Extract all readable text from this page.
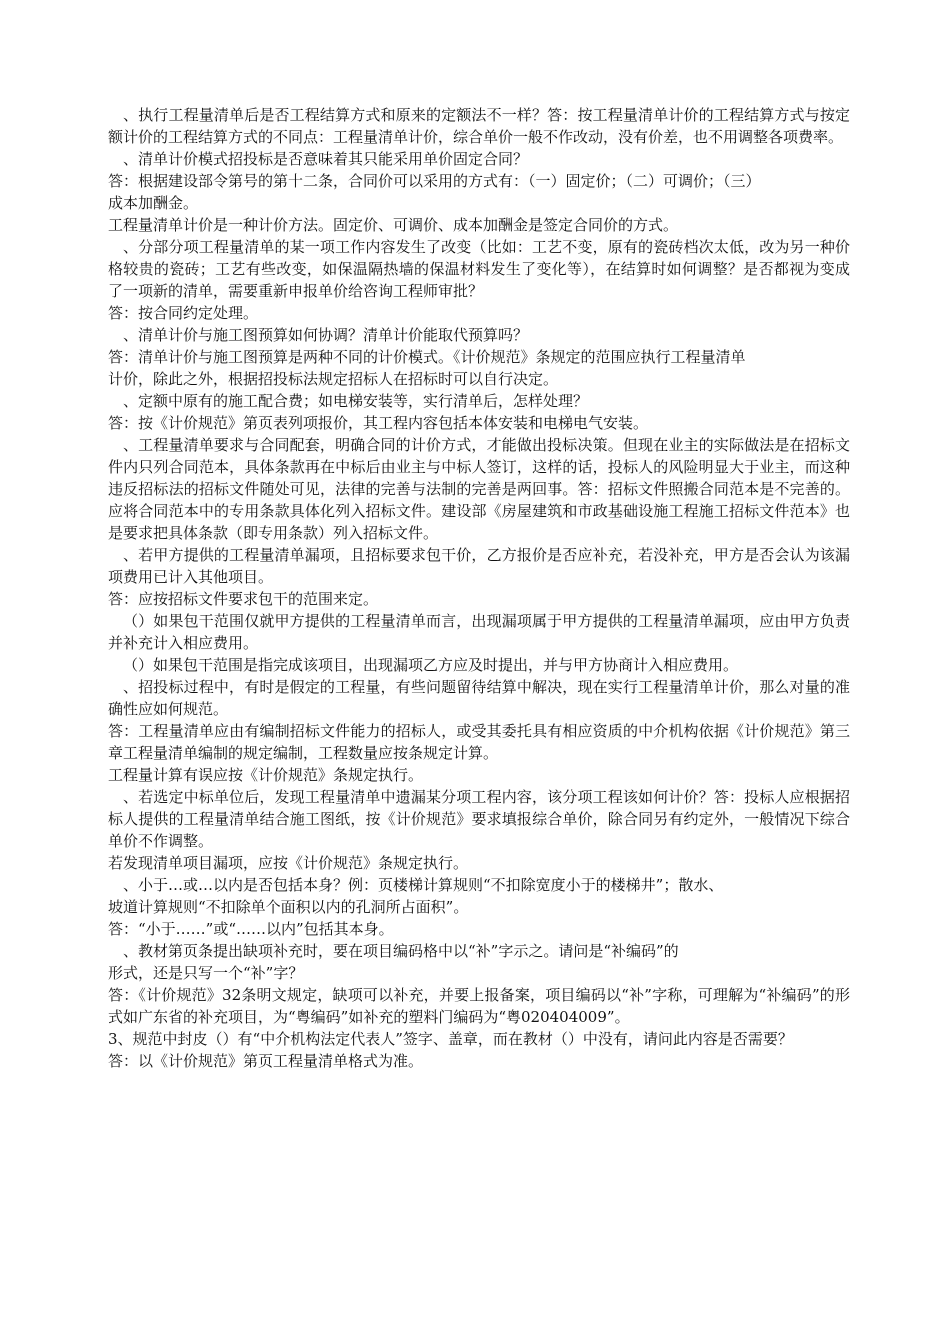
、执行工程量清单后是否工程结算方式和原来的定额法不一样？答：按工程量清单计价的工程结算方式与按定额计价的工程结算方式的不同点：工程量清单计价，综合单价一般不作改动，没有价差，也不用调整各项费率。

、清单计价模式招投标是否意味着其只能采用单价固定合同？

答：根据建设部令第号的第十二条，合同价可以采用的方式有：（一）固定价；（二）可调价；（三）

成本加酬金。

工程量清单计价是一种计价方法。固定价、可调价、成本加酬金是签定合同价的方式。

、分部分项工程量清单的某一项工作内容发生了改变（比如：工艺不变，原有的瓷砖档次太低，改为另一种价格较贵的瓷砖；工艺有些改变，如保温隔热墙的保温材料发生了变化等），在结算时如何调整？是否都视为变成了一项新的清单，需要重新申报单价给咨询工程师审批？

答：按合同约定处理。

、清单计价与施工图预算如何协调？清单计价能取代预算吗？

答：清单计价与施工图预算是两种不同的计价模式。《计价规范》条规定的范围应执行工程量清单

计价，除此之外，根据招投标法规定招标人在招标时可以自行决定。

、定额中原有的施工配合费；如电梯安装等，实行清单后，怎样处理？

答：按《计价规范》第页表列项报价，其工程内容包括本体安装和电梯电气安装。

、工程量清单要求与合同配套，明确合同的计价方式，才能做出投标决策。但现在业主的实际做法是在招标文件内只列合同范本，具体条款再在中标后由业主与中标人签订，这样的话，投标人的风险明显大于业主，而这种违反招标法的招标文件随处可见，法律的完善与法制的完善是两回事。答：招标文件照搬合同范本是不完善的。应将合同范本中的专用条款具体化列入招标文件。建设部《房屋建筑和市政基础设施工程施工招标文件范本》也是要求把具体条款（即专用条款）列入招标文件。

、若甲方提供的工程量清单漏项，且招标要求包干价，乙方报价是否应补充，若没补充，甲方是否会认为该漏项费用已计入其他项目。

答：应按招标文件要求包干的范围来定。

（）如果包干范围仅就甲方提供的工程量清单而言，出现漏项属于甲方提供的工程量清单漏项，应由甲方负责并补充计入相应费用。

（）如果包干范围是指完成该项目，出现漏项乙方应及时提出，并与甲方协商计入相应费用。

、招投标过程中，有时是假定的工程量，有些问题留待结算中解决，现在实行工程量清单计价，那么对量的准确性应如何规范。

答：工程量清单应由有编制招标文件能力的招标人，或受其委托具有相应资质的中介机构依据《计价规范》第三章工程量清单编制的规定编制，工程数量应按条规定计算。

工程量计算有误应按《计价规范》条规定执行。

、若选定中标单位后，发现工程量清单中遗漏某分项工程内容，该分项工程该如何计价？答：投标人应根据招标人提供的工程量清单结合施工图纸，按《计价规范》要求填报综合单价，除合同另有约定外，一般情况下综合单价不作调整。

若发现清单项目漏项，应按《计价规范》条规定执行。

、小于…或…以内是否包括本身？例：页楼梯计算规则“不扣除宽度小于的楼梯井”；散水、

坡道计算规则“不扣除单个面积以内的孔洞所占面积”。

答：“小于……”或“……以内”包括其本身。

、教材第页条提出缺项补充时，要在项目编码格中以“补”字示之。请问是“补编码”的

形式，还是只写一个“补”字？

答：《计价规范》32条明文规定，缺项可以补充，并要上报备案，项目编码以“补”字称，可理解为“补编码”的形式如广东省的补充项目，为“粤编码”如补充的塑料门编码为“粤020404009”。

3、规范中封皮（）有“中介机构法定代表人”签字、盖章，而在教材（）中没有，请问此内容是否需要？

答：以《计价规范》第页工程量清单格式为准。
